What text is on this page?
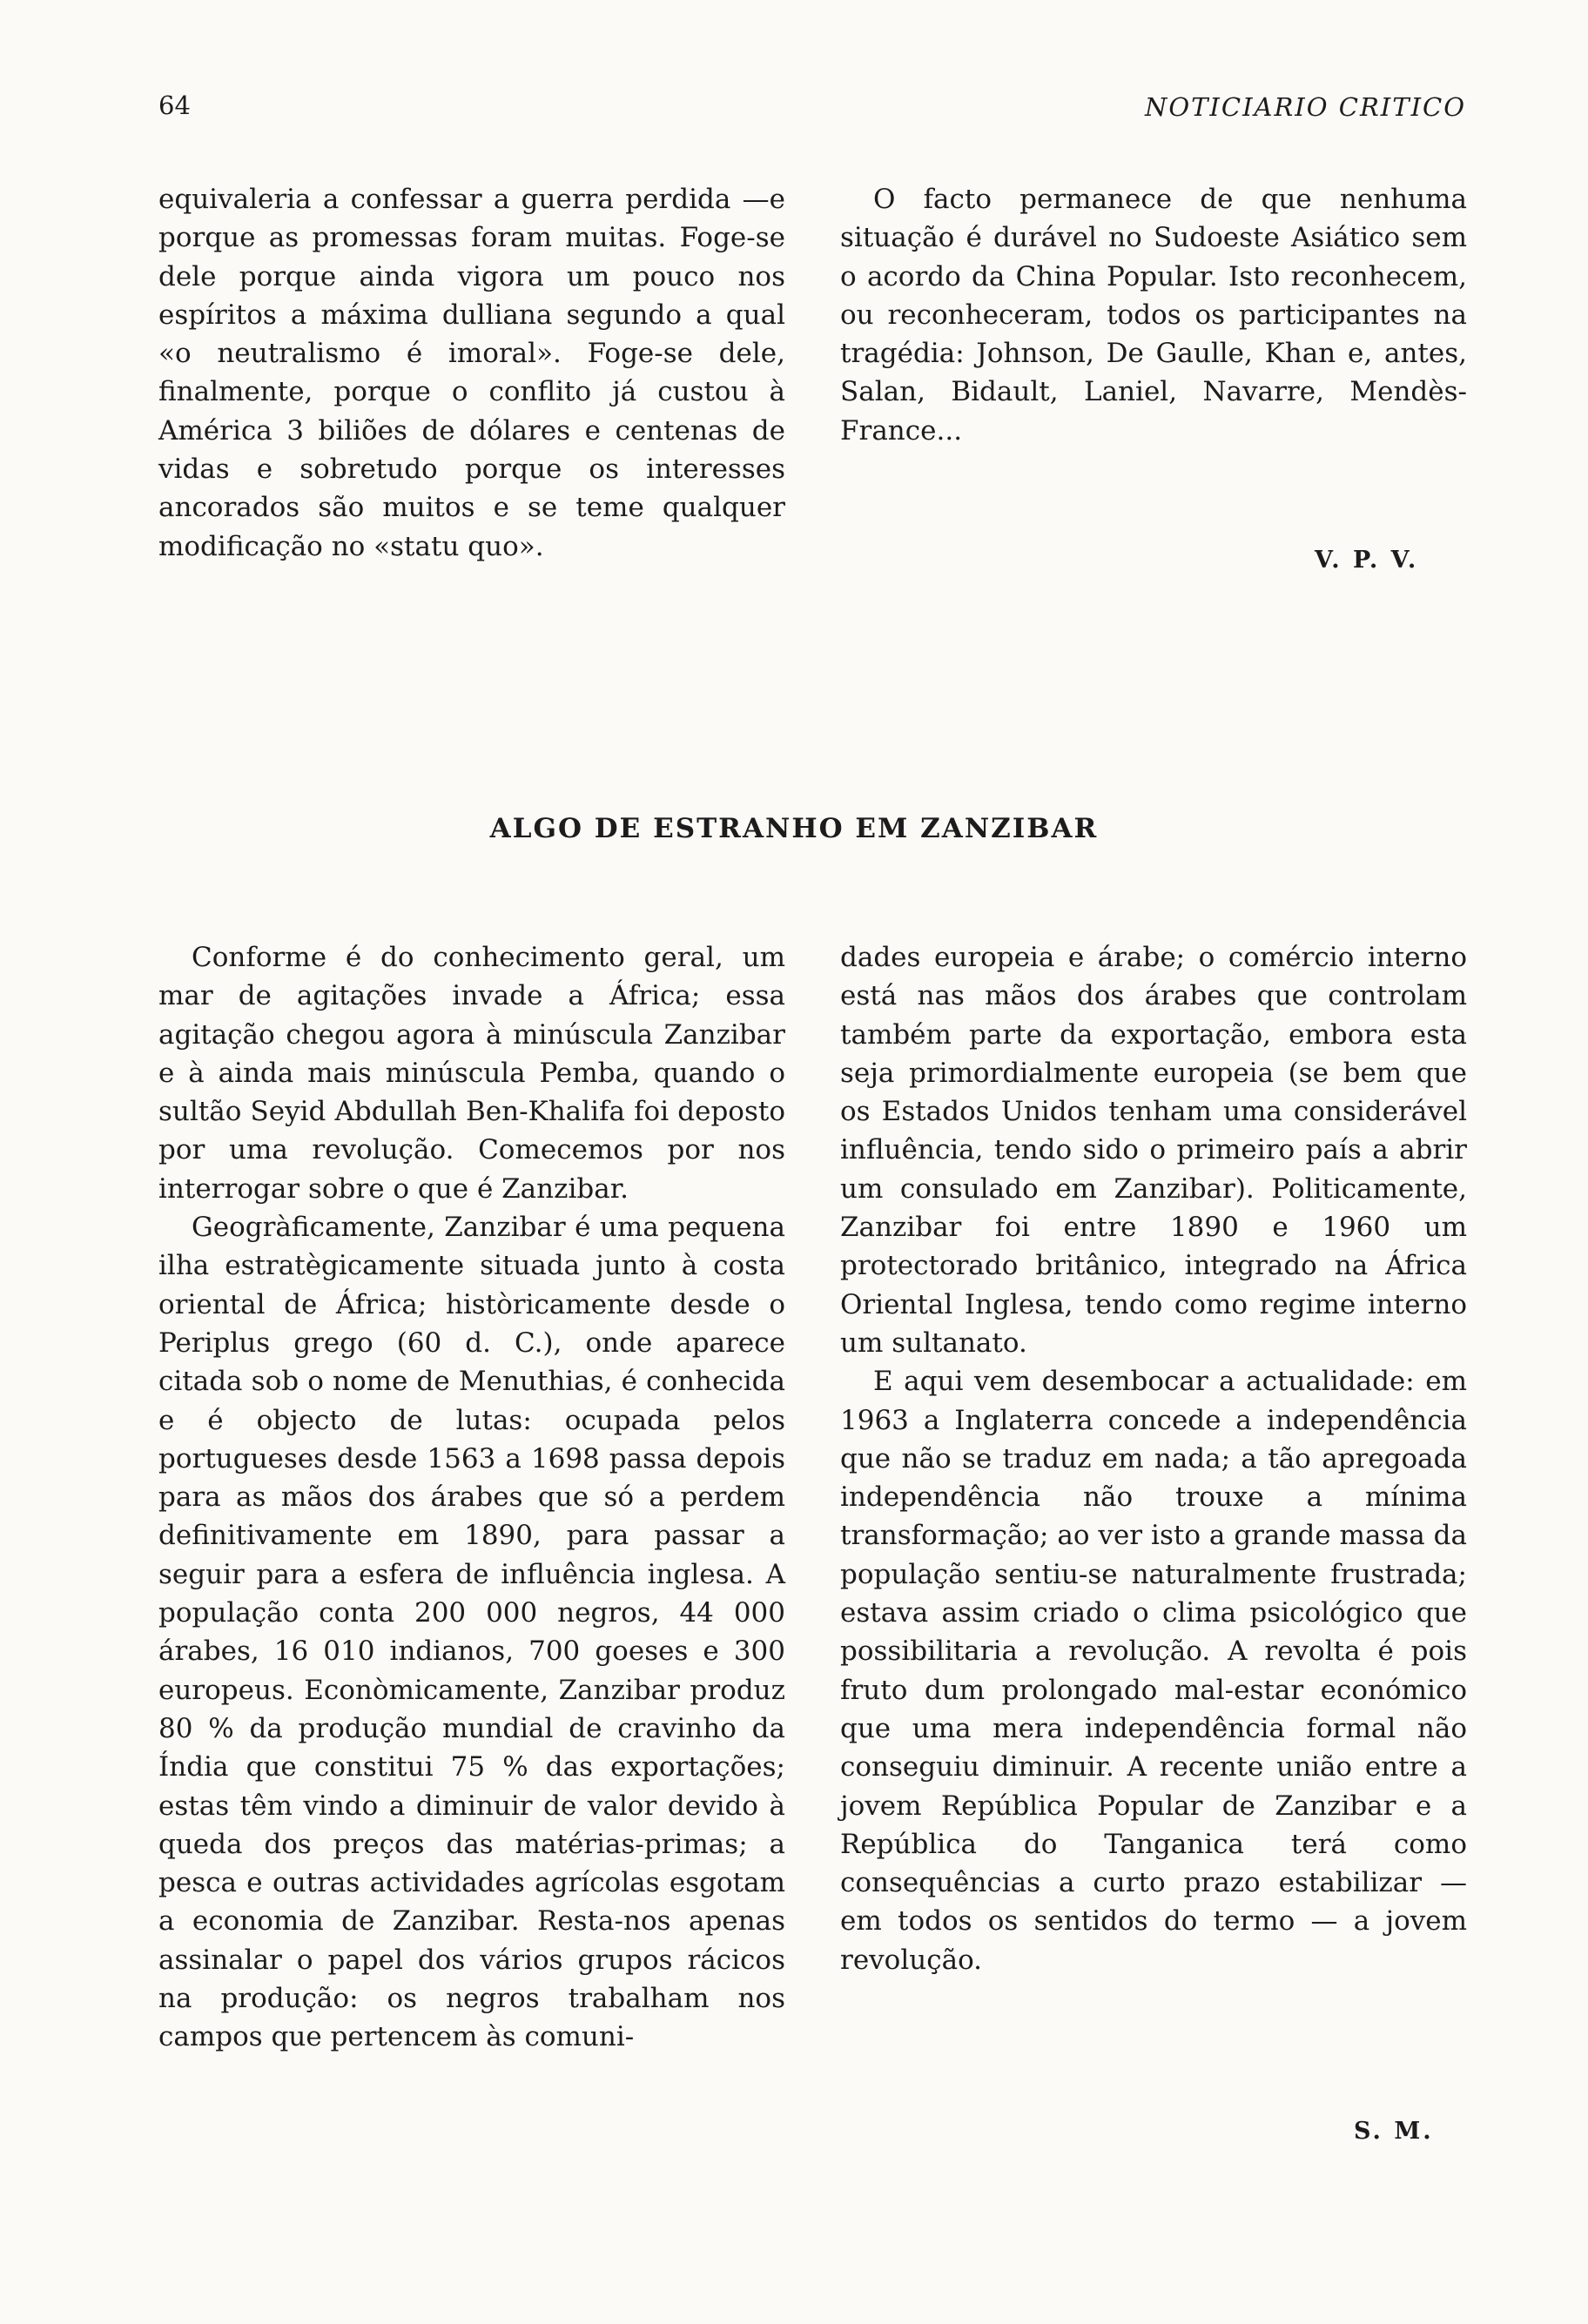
64	NOTICIARIO CRITICO

equivaleria a confessar a guerra perdida —e porque as promessas foram muitas. Foge-se dele porque ainda vigora um pouco nos espíritos a máxima dulliana segundo a qual «o neutralismo é imoral». Foge-se dele, finalmente, porque o conflito já custou à América 3 biliões de dólares e centenas de vidas e sobretudo porque os interesses ancorados são muitos e se teme qualquer modificação no «statu quo».

O facto permanece de que nenhuma situação é durável no Sudoeste Asiático sem o acordo da China Popular. Isto reconhecem, ou reconheceram, todos os participantes na tragédia: Johnson, De Gaulle, Khan e, antes, Salan, Bidault, Laniel, Navarre, Mendès-France...

V. P. V.
ALGO DE ESTRANHO EM ZANZIBAR

Conforme é do conhecimento geral, um mar de agitações invade a África; essa agitação chegou agora à minúscula Zanzibar e à ainda mais minúscula Pemba, quando o sultão Seyid Abdullah Ben-Khalifa foi deposto por uma revolução. Comecemos por nos interrogar sobre o que é Zanzibar.

Geogràficamente, Zanzibar é uma pequena ilha estratègicamente situada junto à costa oriental de África; històricamente desde o Periplus grego (60 d. C.), onde aparece citada sob o nome de Menuthias, é conhecida e é objecto de lutas: ocupada pelos portugueses desde 1563 a 1698 passa depois para as mãos dos árabes que só a perdem definitivamente em 1890, para passar a seguir para a esfera de influência inglesa. A população conta 200 000 negros, 44 000 árabes, 16 010 indianos, 700 goeses e 300 europeus. Econòmicamente, Zanzibar produz 80 % da produção mundial de cravinho da Índia que constitui 75 % das exportações; estas têm vindo a diminuir de valor devido à queda dos preços das matérias-primas; a pesca e outras actividades agrícolas esgotam a economia de Zanzibar. Resta-nos apenas assinalar o papel dos vários grupos rácicos na produção: os negros trabalham nos campos que pertencem às comuni-

dades europeia e árabe; o comércio interno está nas mãos dos árabes que controlam também parte da exportação, embora esta seja primordialmente europeia (se bem que os Estados Unidos tenham uma considerável influência, tendo sido o primeiro país a abrir um consulado em Zanzibar). Politicamente, Zanzibar foi entre 1890 e 1960 um protectorado britânico, integrado na África Oriental Inglesa, tendo como regime interno um sultanato.

E aqui vem desembocar a actualidade: em 1963 a Inglaterra concede a independência que não se traduz em nada; a tão apregoada independência não trouxe a mínima transformação; ao ver isto a grande massa da população sentiu-se naturalmente frustrada; estava assim criado o clima psicológico que possibilitaria a revolução. A revolta é pois fruto dum prolongado mal-estar económico que uma mera independência formal não conseguiu diminuir. A recente união entre a jovem República Popular de Zanzibar e a República do Tanganica terá como consequências a curto prazo estabilizar — em todos os sentidos do termo — a jovem revolução.

S. M.
